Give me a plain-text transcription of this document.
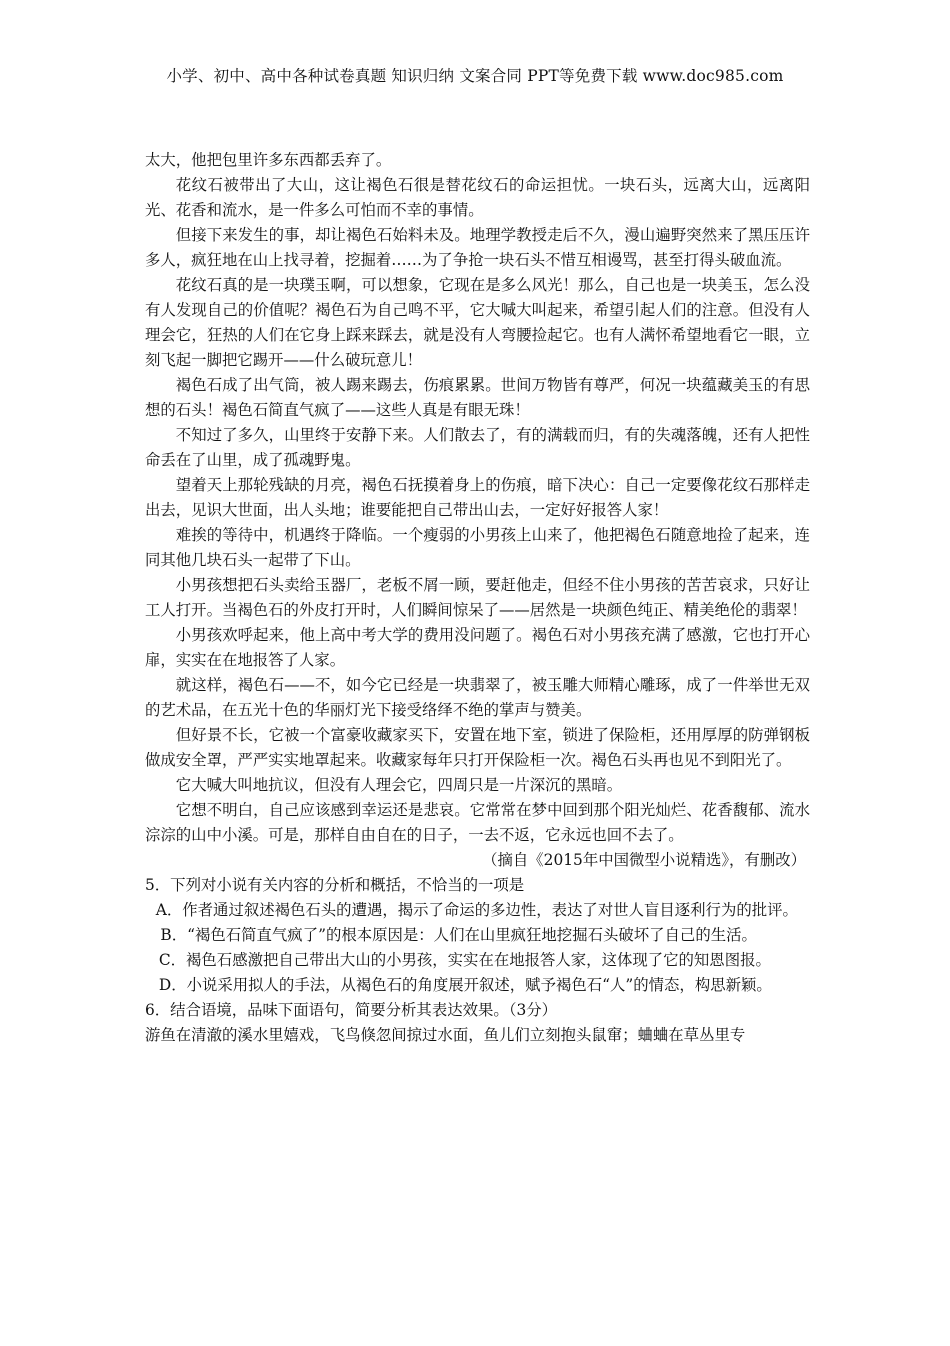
小学、初中、高中各种试卷真题 知识归纳 文案合同 PPT等免费下载 www.doc985.com

太大，他把包里许多东西都丢弃了。

花纹石被带出了大山，这让褐色石很是替花纹石的命运担忧。一块石头，远离大山，远离阳光、花香和流水，是一件多么可怕而不幸的事情。

但接下来发生的事，却让褐色石始料未及。地理学教授走后不久，漫山遍野突然来了黑压压许多人，疯狂地在山上找寻着，挖掘着……为了争抢一块石头不惜互相谩骂，甚至打得头破血流。

花纹石真的是一块璞玉啊，可以想象，它现在是多么风光！那么，自己也是一块美玉，怎么没有人发现自己的价值呢？褐色石为自己鸣不平，它大喊大叫起来，希望引起人们的注意。但没有人理会它，狂热的人们在它身上踩来踩去，就是没有人弯腰捡起它。也有人满怀希望地看它一眼，立刻飞起一脚把它踢开——什么破玩意儿！

褐色石成了出气筒，被人踢来踢去，伤痕累累。世间万物皆有尊严，何况一块蕴藏美玉的有思想的石头！褐色石简直气疯了——这些人真是有眼无珠！

不知过了多久，山里终于安静下来。人们散去了，有的满载而归，有的失魂落魄，还有人把性命丢在了山里，成了孤魂野鬼。

望着天上那轮残缺的月亮，褐色石抚摸着身上的伤痕，暗下决心：自己一定要像花纹石那样走出去，见识大世面，出人头地；谁要能把自己带出山去，一定好好报答人家！

难挨的等待中，机遇终于降临。一个瘦弱的小男孩上山来了，他把褐色石随意地捡了起来，连同其他几块石头一起带了下山。

小男孩想把石头卖给玉器厂，老板不屑一顾，要赶他走，但经不住小男孩的苦苦哀求，只好让工人打开。当褐色石的外皮打开时，人们瞬间惊呆了——居然是一块颜色纯正、精美绝伦的翡翠！

小男孩欢呼起来，他上高中考大学的费用没问题了。褐色石对小男孩充满了感激，它也打开心扉，实实在在地报答了人家。

就这样，褐色石——不，如今它已经是一块翡翠了，被玉雕大师精心雕琢，成了一件举世无双的艺术品，在五光十色的华丽灯光下接受络绎不绝的掌声与赞美。

但好景不长，它被一个富豪收藏家买下，安置在地下室，锁进了保险柜，还用厚厚的防弹钢板做成安全罩，严严实实地罩起来。收藏家每年只打开保险柜一次。褐色石头再也见不到阳光了。

它大喊大叫地抗议，但没有人理会它，四周只是一片深沉的黑暗。

它想不明白，自己应该感到幸运还是悲哀。它常常在梦中回到那个阳光灿烂、花香馥郁、流水淙淙的山中小溪。可是，那样自由自在的日子，一去不返，它永远也回不去了。

（摘自《2015年中国微型小说精选》，有删改）

5．下列对小说有关内容的分析和概括，不恰当的一项是

A．作者通过叙述褐色石头的遭遇，揭示了命运的多边性，表达了对世人盲目逐利行为的批评。

B．“褐色石简直气疯了”的根本原因是：人们在山里疯狂地挖掘石头破坏了自己的生活。

C．褐色石感激把自己带出大山的小男孩，实实在在地报答人家，这体现了它的知恩图报。

D．小说采用拟人的手法，从褐色石的角度展开叙述，赋予褐色石“人”的情态，构思新颖。

6．结合语境，品味下面语句，简要分析其表达效果。（3分）

游鱼在清澈的溪水里嬉戏，飞鸟倏忽间掠过水面，鱼儿们立刻抱头鼠窜；蛐蛐在草丛里专
